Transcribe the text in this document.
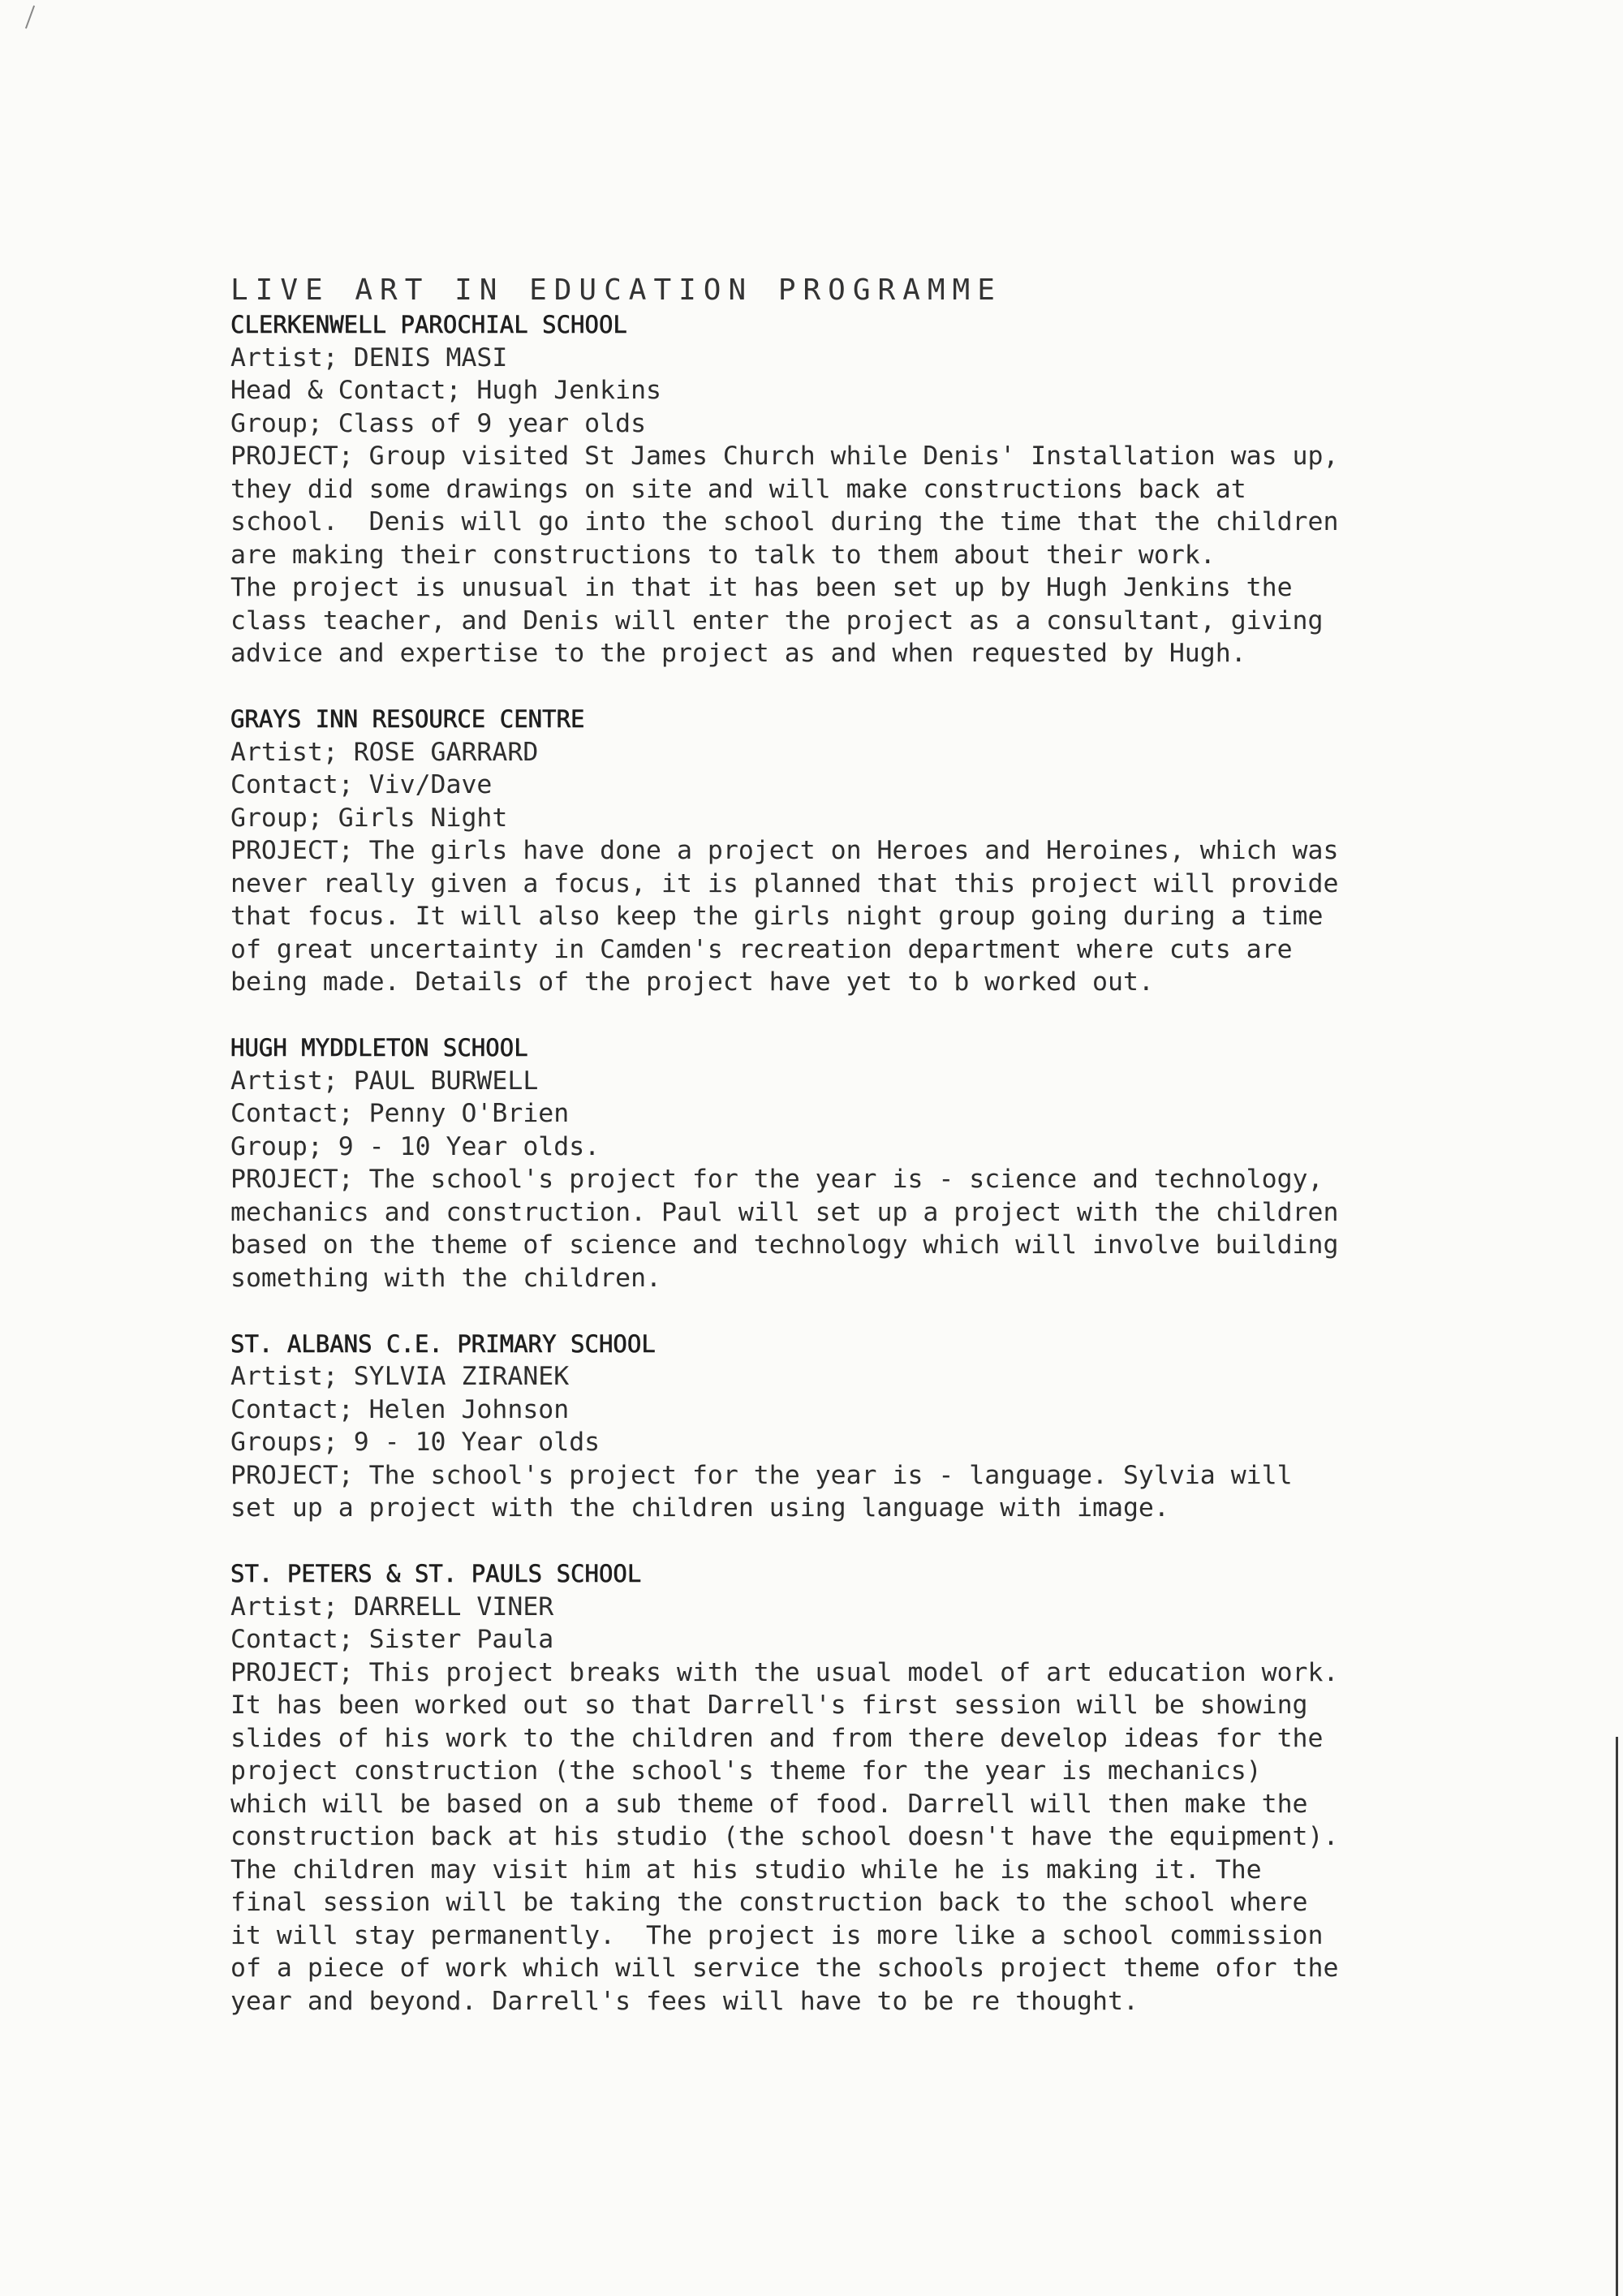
LIVE ART IN EDUCATION PROGRAMME
CLERKENWELL PAROCHIAL SCHOOL
Artist; DENIS MASI
Head & Contact; Hugh Jenkins
Group; Class of 9 year olds
PROJECT; Group visited St James Church while Denis' Installation was up,
they did some drawings on site and will make constructions back at
school.  Denis will go into the school during the time that the children
are making their constructions to talk to them about their work.
The project is unusual in that it has been set up by Hugh Jenkins the
class teacher, and Denis will enter the project as a consultant, giving
advice and expertise to the project as and when requested by Hugh.
GRAYS INN RESOURCE CENTRE
Artist; ROSE GARRARD
Contact; Viv/Dave
Group; Girls Night
PROJECT; The girls have done a project on Heroes and Heroines, which was
never really given a focus, it is planned that this project will provide
that focus. It will also keep the girls night group going during a time
of great uncertainty in Camden's recreation department where cuts are
being made. Details of the project have yet to b worked out.
HUGH MYDDLETON SCHOOL
Artist; PAUL BURWELL
Contact; Penny O'Brien
Group; 9 - 10 Year olds.
PROJECT; The school's project for the year is - science and technology,
mechanics and construction. Paul will set up a project with the children
based on the theme of science and technology which will involve building
something with the children.
ST. ALBANS C.E. PRIMARY SCHOOL
Artist; SYLVIA ZIRANEK
Contact; Helen Johnson
Groups; 9 - 10 Year olds
PROJECT; The school's project for the year is - language. Sylvia will
set up a project with the children using language with image.
ST. PETERS & ST. PAULS SCHOOL
Artist; DARRELL VINER
Contact; Sister Paula
PROJECT; This project breaks with the usual model of art education work.
It has been worked out so that Darrell's first session will be showing
slides of his work to the children and from there develop ideas for the
project construction (the school's theme for the year is mechanics)
which will be based on a sub theme of food. Darrell will then make the
construction back at his studio (the school doesn't have the equipment).
The children may visit him at his studio while he is making it. The
final session will be taking the construction back to the school where
it will stay permanently.  The project is more like a school commission
of a piece of work which will service the schools project theme ofor the
year and beyond. Darrell's fees will have to be re thought.
